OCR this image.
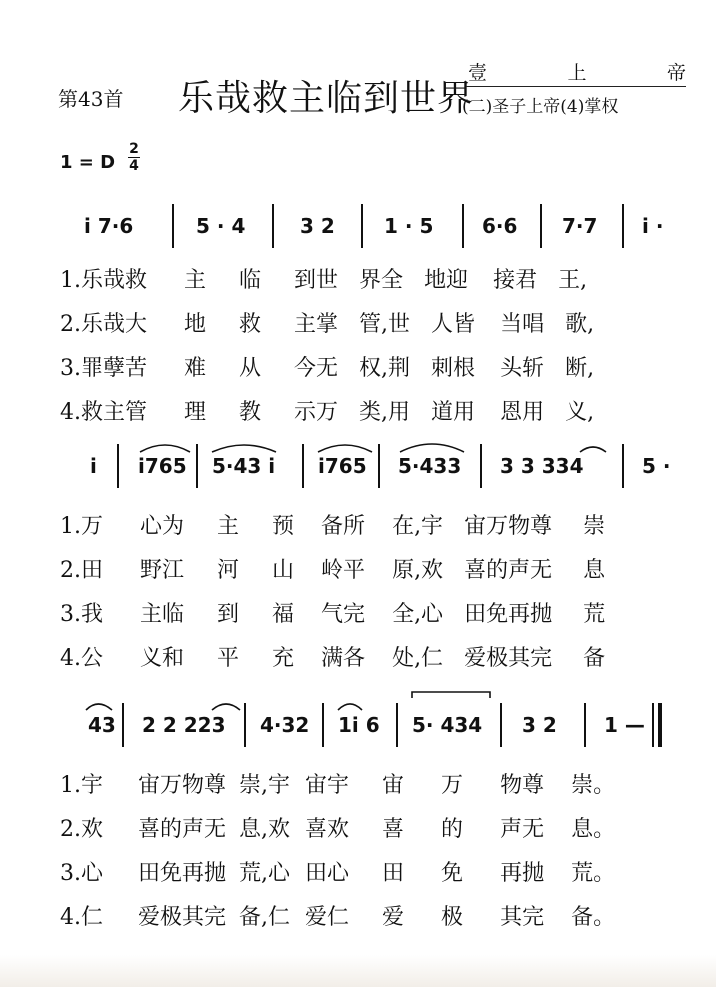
第43首 乐哉救主临到世界
壹	上	帝
(二)圣子上帝(4)掌权
1 = D
2
4
i 7·6	5 · 4	3 2 1 · 5 6·6 7·7 i ·
1.乐哉救 主 临 到世 界全 地迎 接君 王,
2.乐哉大 地 救 主掌 管,世 人皆 当唱 歌,
3.罪孽苦 难 从 今无 权,荆 刺根 头斩 断,
4.救主管 理 教 示万 类,用 道用 恩用 义,
i i765 5·43 i i765 5·433 3 3 334	5 ·
1.万 心为 主 预 备所 在,宇 宙万物尊 崇
2.田 野江 河 山 岭平 原,欢 喜的声无 息
3.我 主临 到 福 气完 全,心 田免再抛 荒
4.公 义和 平 充 满各 处,仁 爱极其完 备
43 2 2 223 4·32 1i 6 5· 434 3 2 1 —
1.宇 宙万物尊 崇,宇 宙宇 宙 万 物尊 崇。
2.欢 喜的声无 息,欢 喜欢 喜 的 声无 息。
3.心 田免再抛 荒,心 田心 田 免 再抛 荒。
4.仁 爱极其完 备,仁 爱仁 爱 极 其完 备。
